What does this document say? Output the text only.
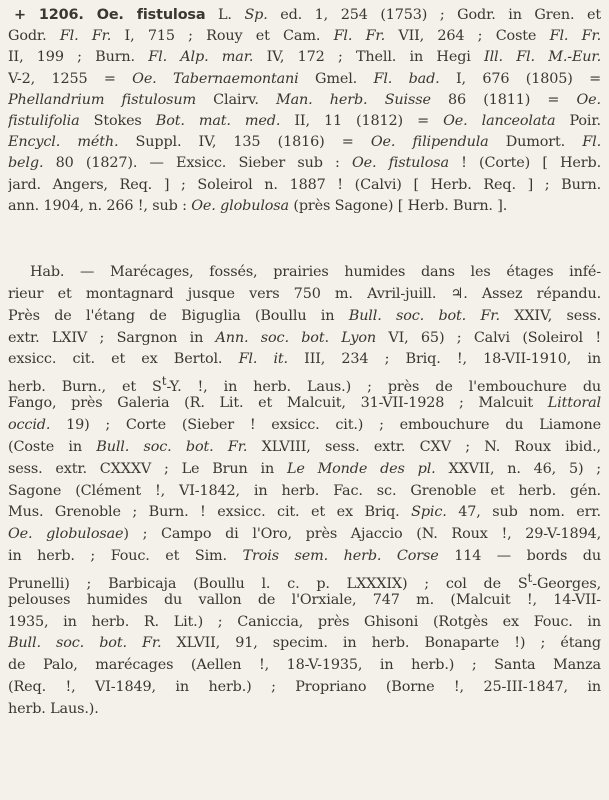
+ 1206. Oe. fistulosa L. Sp. ed. 1, 254 (1753) ; Godr. in Gren. et
Godr. Fl. Fr. I, 715 ; Rouy et Cam. Fl. Fr. VII, 264 ; Coste Fl. Fr.
II, 199 ; Burn. Fl. Alp. mar. IV, 172 ; Thell. in Hegi Ill. Fl. M.-Eur.
V-2, 1255 = Oe. Tabernaemontani Gmel. Fl. bad. I, 676 (1805) =
Phellandrium fistulosum Clairv. Man. herb. Suisse 86 (1811) = Oe.
fistulifolia Stokes Bot. mat. med. II, 11 (1812) = Oe. lanceolata Poir.
Encycl. méth. Suppl. IV, 135 (1816) = Oe. filipendula Dumort. Fl.
belg. 80 (1827). — Exsicc. Sieber sub : Oe. fistulosa ! (Corte) [ Herb.
jard. Angers, Req. ] ; Soleirol n. 1887 ! (Calvi) [ Herb. Req. ] ; Burn.
ann. 1904, n. 266 !, sub : Oe. globulosa (près Sagone) [ Herb. Burn. ].
Hab. — Marécages, fossés, prairies humides dans les étages infé-
rieur et montagnard jusque vers 750 m. Avril-juill. ♃. Assez répandu.
Près de l'étang de Biguglia (Boullu in Bull. soc. bot. Fr. XXIV, sess.
extr. LXIV ; Sargnon in Ann. soc. bot. Lyon VI, 65) ; Calvi (Soleirol !
exsicc. cit. et ex Bertol. Fl. it. III, 234 ; Briq. !, 18-VII-1910, in
herb. Burn., et $S^t-Y$. !, in herb. Laus.) ; près de l'embouchure du
Fango, près Galeria (R. Lit. et Malcuit, 31-VII-1928 ; Malcuit Littoral
occid. 19) ; Corte (Sieber ! exsicc. cit.) ; embouchure du Liamone
(Coste in Bull. soc. bot. Fr. XLVIII, sess. extr. CXV ; N. Roux ibid.,
sess. extr. CXXXV ; Le Brun in Le Monde des pl. XXVII, n. 46, 5) ;
Sagone (Clément !, VI-1842, in herb. Fac. sc. Grenoble et herb. gén.
Mus. Grenoble ; Burn. ! exsicc. cit. et ex Briq. Spic. 47, sub nom. err.
Oe. globulosae) ; Campo di l'Oro, près Ajaccio (N. Roux !, 29-V-1894,
in herb. ; Fouc. et Sim. Trois sem. herb. Corse 114 — bords du
Prunelli) ; Barbicaja (Boullu l. c. p. LXXXIX) ; col de $S^t$-Georges,
pelouses humides du vallon de l'Orxiale, 747 m. (Malcuit !, 14-VII-
1935, in herb. R. Lit.) ; Caniccia, près Ghisoni (Rotgès ex Fouc. in
Bull. soc. bot. Fr. XLVII, 91, specim. in herb. Bonaparte !) ; étang
de Palo, marécages (Aellen !, 18-V-1935, in herb.) ; Santa Manza
(Req. !, VI-1849, in herb.) ; Propriano (Borne !, 25-III-1847, in
herb. Laus.).
